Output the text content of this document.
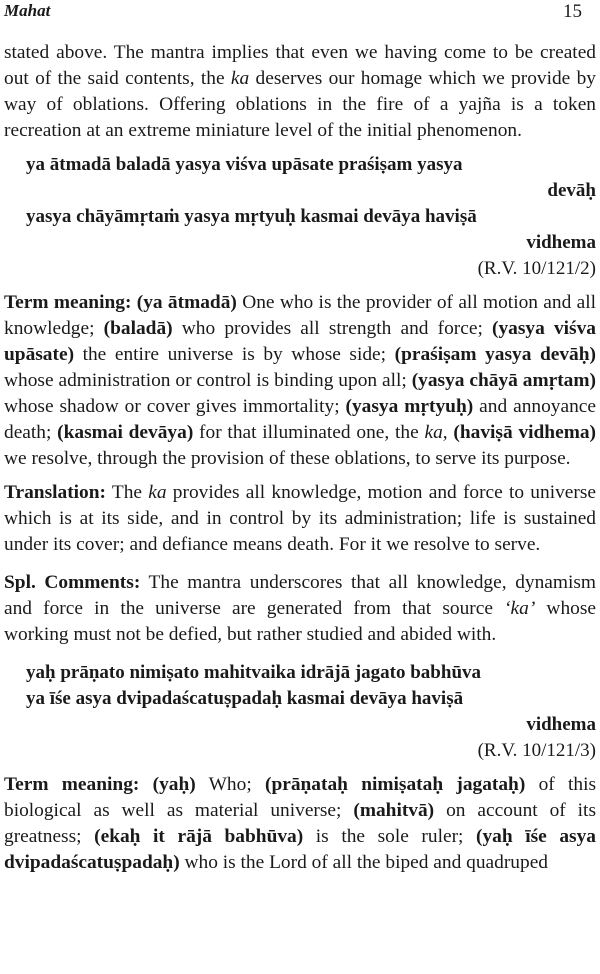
Mahat	15

stated above. The mantra implies that even we having come to be created out of the said contents, the ka deserves our homage which we provide by way of oblations. Offering oblations in the fire of a yajña is a token recreation at an extreme miniature level of the initial phenomenon.

ya ātmadā baladā yasya viśva upāsate praśiṣam yasya
devāḥ
yasya chāyāmṛtaṁ yasya mṛtyuḥ kasmai devāya haviṣā
vidhema
(R.V. 10/121/2)

Term meaning: (ya ātmadā) One who is the provider of all motion and all knowledge; (baladā) who provides all strength and force; (yasya viśva upāsate) the entire universe is by whose side; (praśiṣam yasya devāḥ) whose administration or control is binding upon all; (yasya chāyā amṛtam) whose shadow or cover gives immortality; (yasya mṛtyuḥ) and annoyance death; (kasmai devāya) for that illuminated one, the ka, (haviṣā vidhema) we resolve, through the provision of these oblations, to serve its purpose.

Translation: The ka provides all knowledge, motion and force to universe which is at its side, and in control by its administration; life is sustained under its cover; and defiance means death. For it we resolve to serve.

Spl. Comments: The mantra underscores that all knowledge, dynamism and force in the universe are generated from that source ‘ka’ whose working must not be defied, but rather studied and abided with.

yaḥ prāṇato nimiṣato mahitvaika idrājā jagato babhūva
ya īśe asya dvipadaścatuṣpadaḥ kasmai devāya haviṣā
vidhema
(R.V. 10/121/3)

Term meaning: (yaḥ) Who; (prāṇataḥ nimiṣataḥ jagataḥ) of this biological as well as material universe; (mahitvā) on account of its greatness; (ekaḥ it rājā babhūva) is the sole ruler; (yaḥ īśe asya dvipadaścatuṣpadaḥ) who is the Lord of all the biped and quadruped
